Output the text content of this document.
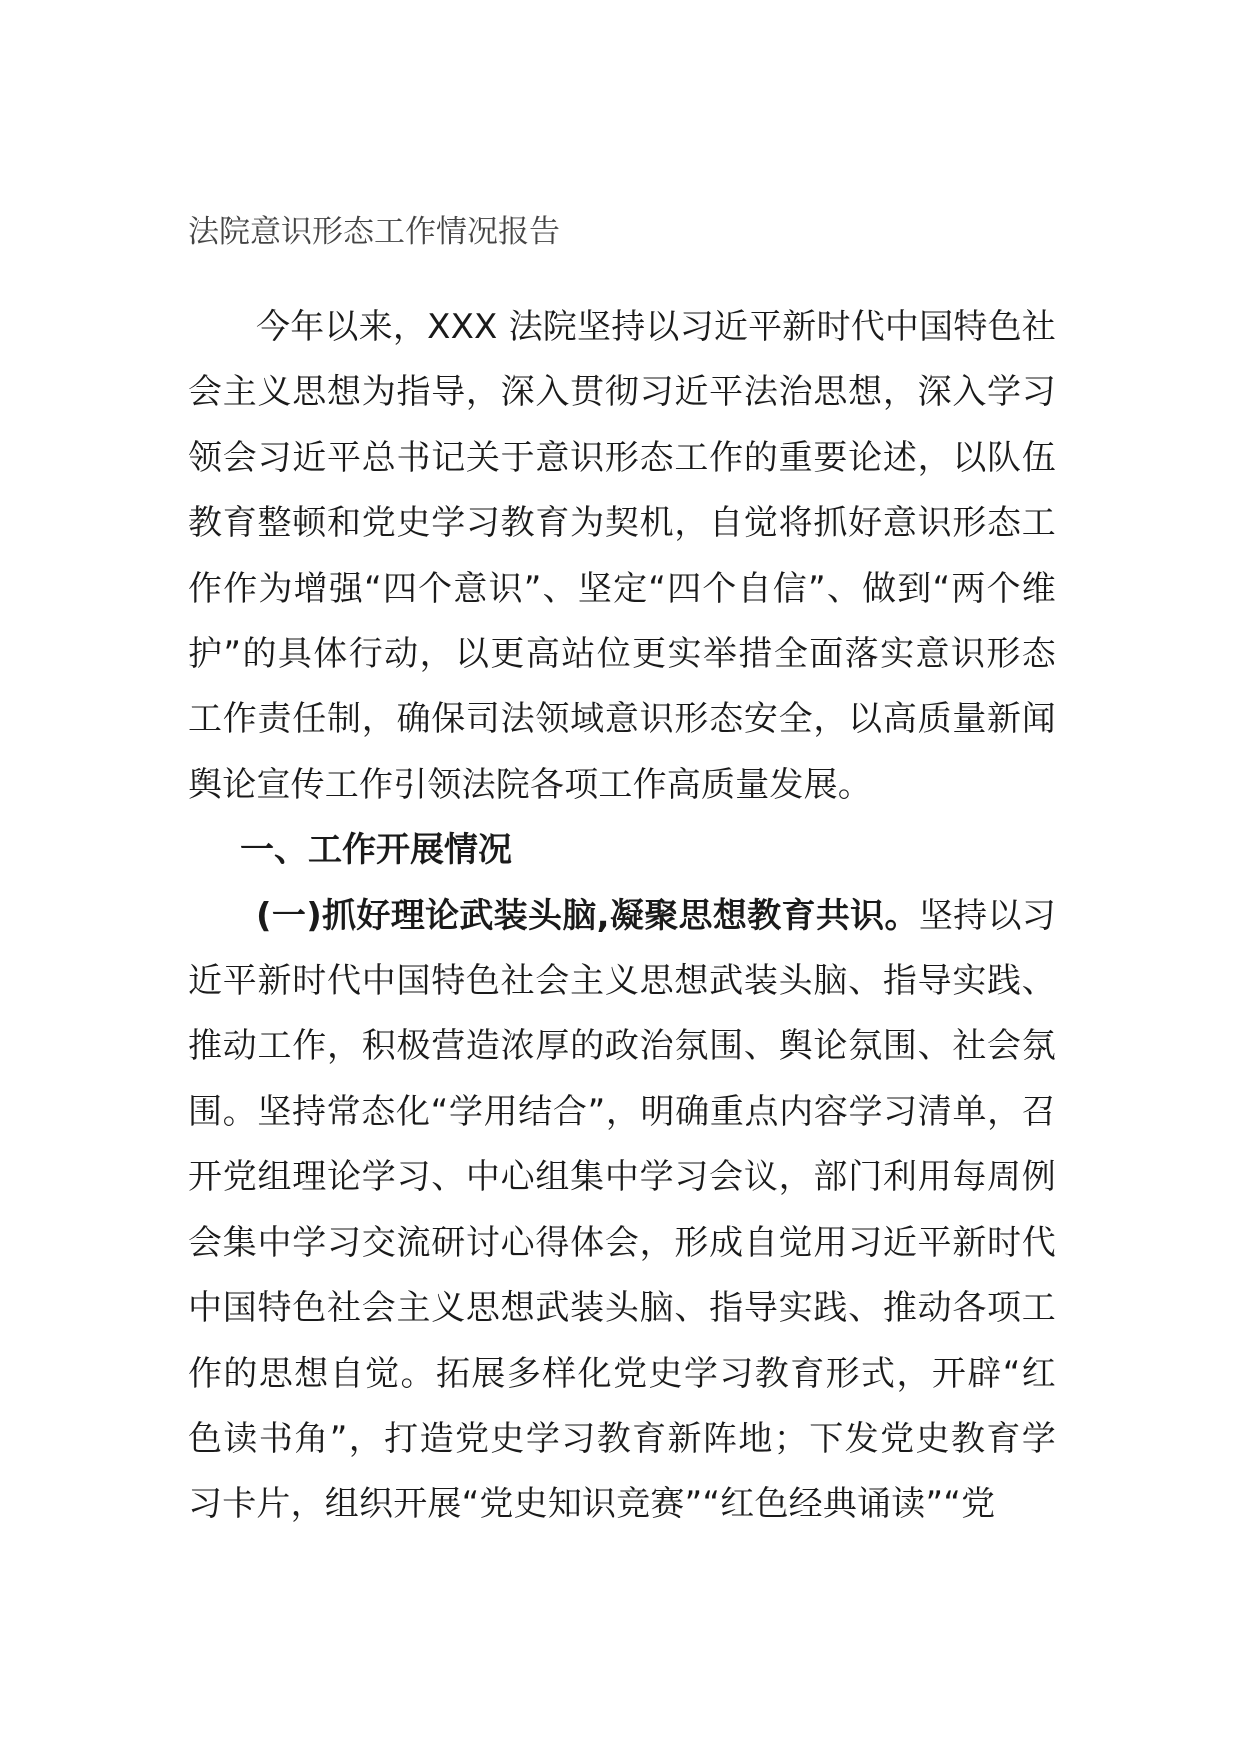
法院意识形态工作情况报告

今年以来，XXX 法院坚持以习近平新时代中国特色社会主义思想为指导，深入贯彻习近平法治思想，深入学习领会习近平总书记关于意识形态工作的重要论述，以队伍教育整顿和党史学习教育为契机，自觉将抓好意识形态工作作为增强“四个意识”、坚定“四个自信”、做到“两个维护”的具体行动，以更高站位更实举措全面落实意识形态工作责任制，确保司法领域意识形态安全，以高质量新闻舆论宣传工作引领法院各项工作高质量发展。

一、工作开展情况

(一)抓好理论武装头脑,凝聚思想教育共识。坚持以习近平新时代中国特色社会主义思想武装头脑、指导实践、推动工作，积极营造浓厚的政治氛围、舆论氛围、社会氛围。坚持常态化“学用结合”，明确重点内容学习清单，召开党组理论学习、中心组集中学习会议，部门利用每周例会集中学习交流研讨心得体会，形成自觉用习近平新时代中国特色社会主义思想武装头脑、指导实践、推动各项工作的思想自觉。拓展多样化党史学习教育形式，开辟“红色读书角”，打造党史学习教育新阵地；下发党史教育学习卡片，组织开展“党史知识竞赛”“红色经典诵读”“党
